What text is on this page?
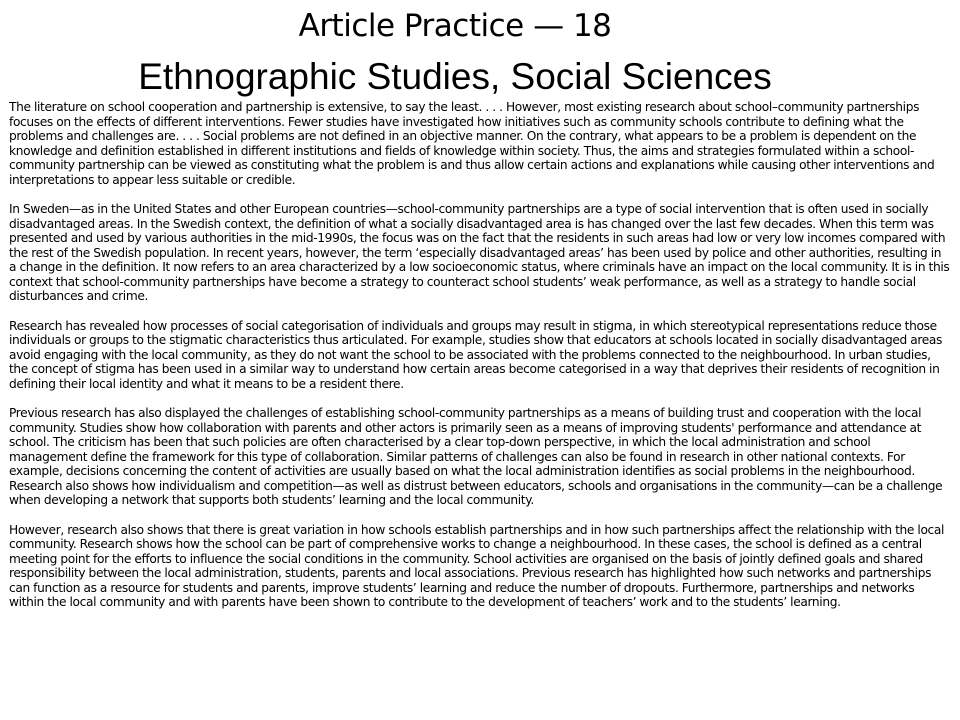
Article Practice — 18
Ethnographic Studies, Social Sciences

The literature on school cooperation and partnership is extensive, to say the least. . . . However, most existing research about school–community partnerships focuses on the effects of different interventions. Fewer studies have investigated how initiatives such as community schools contribute to defining what the problems and challenges are. . . . Social problems are not defined in an objective manner. On the contrary, what appears to be a problem is dependent on the knowledge and definition established in different institutions and fields of knowledge within society. Thus, the aims and strategies formulated within a school-community partnership can be viewed as constituting what the problem is and thus allow certain actions and explanations while causing other interventions and interpretations to appear less suitable or credible.

In Sweden—as in the United States and other European countries—school-community partnerships are a type of social intervention that is often used in socially disadvantaged areas. In the Swedish context, the definition of what a socially disadvantaged area is has changed over the last few decades. When this term was presented and used by various authorities in the mid-1990s, the focus was on the fact that the residents in such areas had low or very low incomes compared with the rest of the Swedish population. In recent years, however, the term ‘especially disadvantaged areas’ has been used by police and other authorities, resulting in a change in the definition. It now refers to an area characterized by a low socioeconomic status, where criminals have an impact on the local community. It is in this context that school-community partnerships have become a strategy to counteract school students’ weak performance, as well as a strategy to handle social disturbances and crime.

Research has revealed how processes of social categorisation of individuals and groups may result in stigma, in which stereotypical representations reduce those individuals or groups to the stigmatic characteristics thus articulated. For example, studies show that educators at schools located in socially disadvantaged areas avoid engaging with the local community, as they do not want the school to be associated with the problems connected to the neighbourhood. In urban studies, the concept of stigma has been used in a similar way to understand how certain areas become categorised in a way that deprives their residents of recognition in defining their local identity and what it means to be a resident there.

Previous research has also displayed the challenges of establishing school-community partnerships as a means of building trust and cooperation with the local community. Studies show how collaboration with parents and other actors is primarily seen as a means of improving students' performance and attendance at school. The criticism has been that such policies are often characterised by a clear top-down perspective, in which the local administration and school management define the framework for this type of collaboration. Similar patterns of challenges can also be found in research in other national contexts. For example, decisions concerning the content of activities are usually based on what the local administration identifies as social problems in the neighbourhood. Research also shows how individualism and competition—as well as distrust between educators, schools and organisations in the community—can be a challenge when developing a network that supports both students’ learning and the local community.

However, research also shows that there is great variation in how schools establish partnerships and in how such partnerships affect the relationship with the local community. Research shows how the school can be part of comprehensive works to change a neighbourhood. In these cases, the school is defined as a central meeting point for the efforts to influence the social conditions in the community. School activities are organised on the basis of jointly defined goals and shared responsibility between the local administration, students, parents and local associations. Previous research has highlighted how such networks and partnerships can function as a resource for students and parents, improve students’ learning and reduce the number of dropouts. Furthermore, partnerships and networks within the local community and with parents have been shown to contribute to the development of teachers’ work and to the students’ learning.
